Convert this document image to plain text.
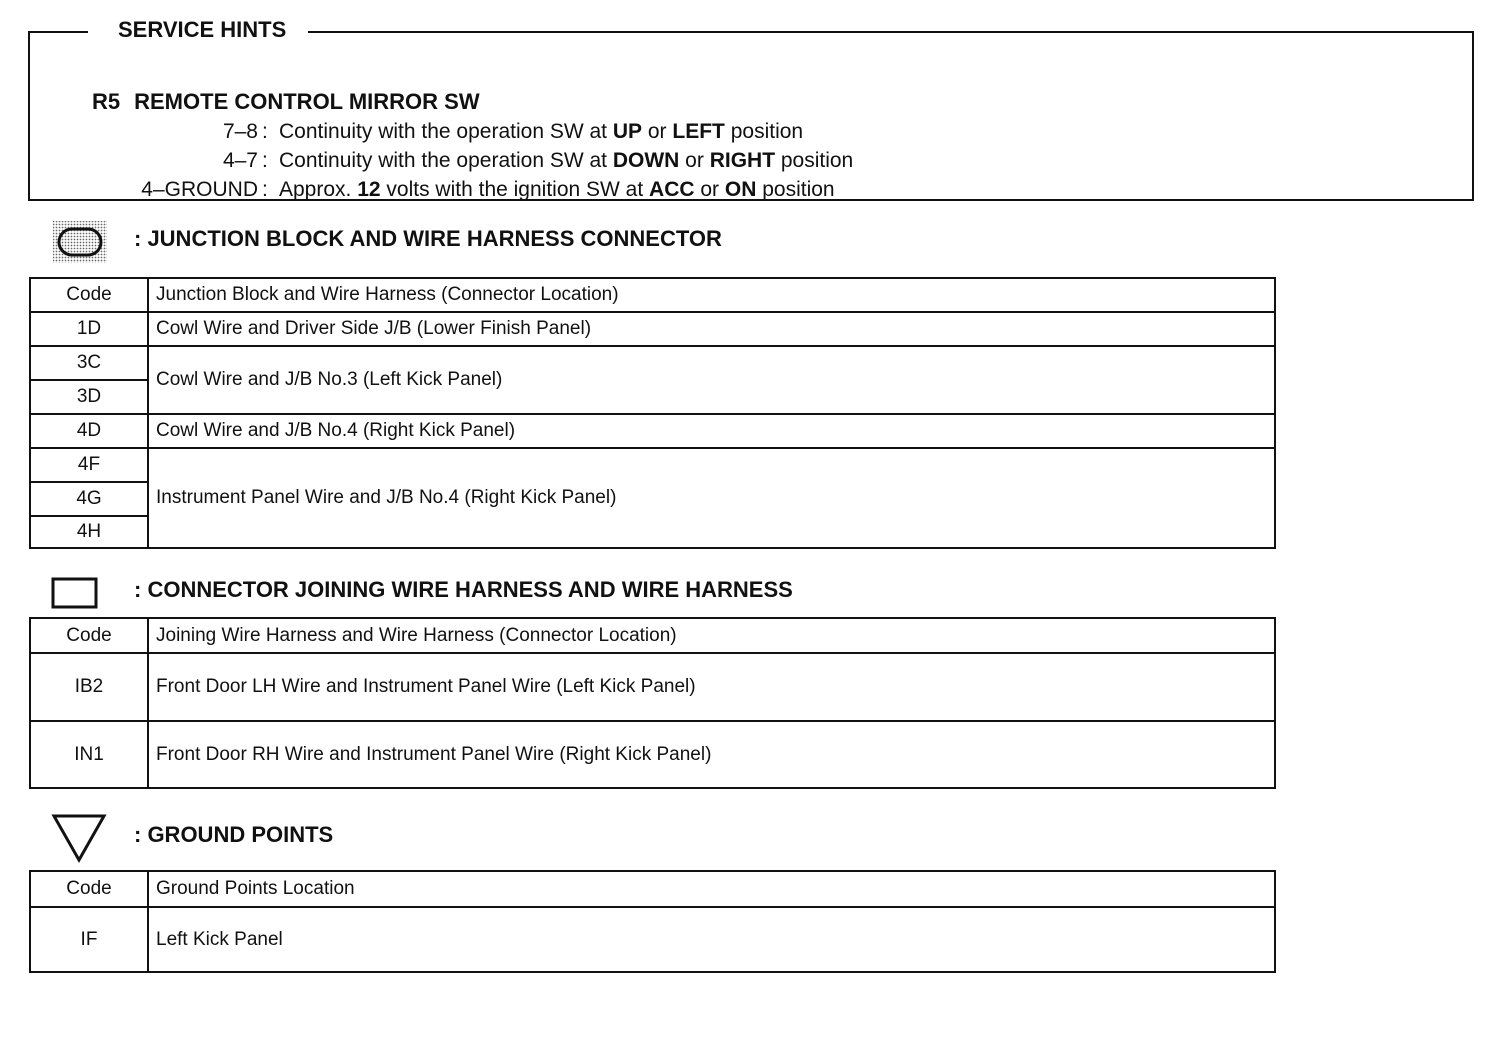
R5 REMOTE CONTROL MIRROR SW
7–8 : Continuity with the operation SW at UP or LEFT position
4–7 : Continuity with the operation SW at DOWN or RIGHT position
4–GROUND : Approx. 12 volts with the ignition SW at ACC or ON position
SERVICE HINTS
: JUNCTION BLOCK AND WIRE HARNESS CONNECTOR
Code	Junction Block and Wire Harness (Connector Location)
1D	Cowl Wire and Driver Side J/B (Lower Finish Panel)
3C	Cowl Wire and J/B No.3 (Left Kick Panel)
3D	
4D	Cowl Wire and J/B No.4 (Right Kick Panel)
4F	Instrument Panel Wire and J/B No.4 (Right Kick Panel)
4G	
4H	
: CONNECTOR JOINING WIRE HARNESS AND WIRE HARNESS
Code	Joining Wire Harness and Wire Harness (Connector Location)
IB2	Front Door LH Wire and Instrument Panel Wire (Left Kick Panel)
IN1	Front Door RH Wire and Instrument Panel Wire (Right Kick Panel)
: GROUND POINTS
Code	Ground Points Location
IF	Left Kick Panel
